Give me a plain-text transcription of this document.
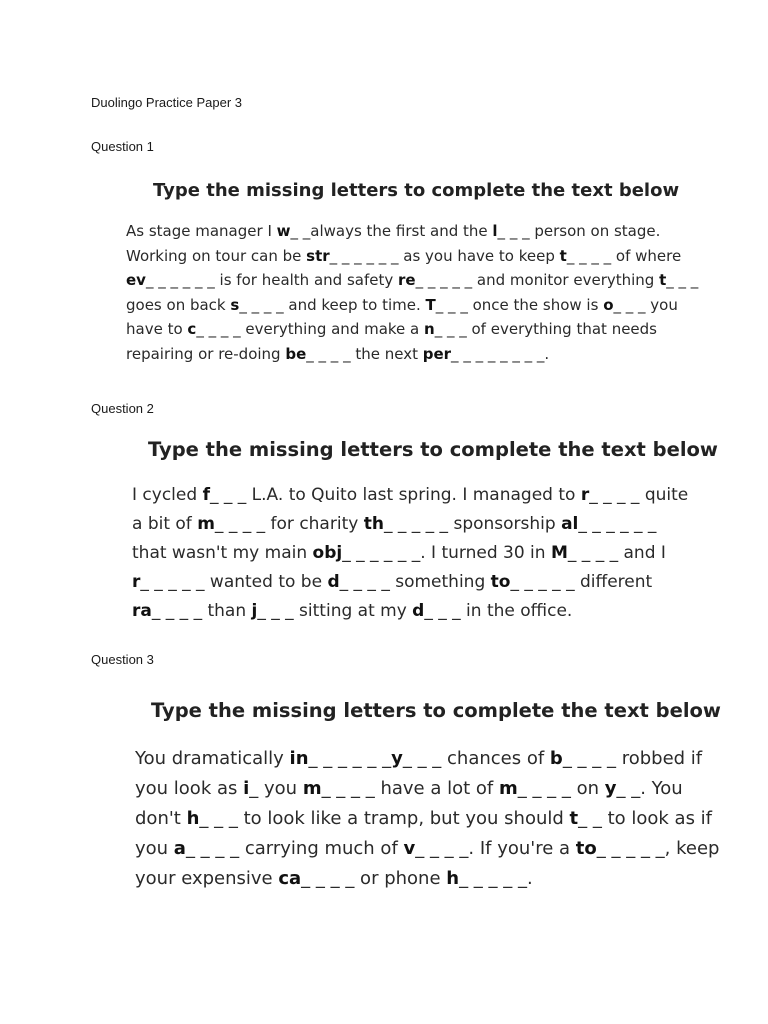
Duolingo Practice Paper 3
Question 1
Type the missing letters to complete the text below
As stage manager I w_ _always the first and the l_ _ _ person on stage.
Working on tour can be str_ _ _ _ _ _ as you have to keep t_ _ _ _ of where
ev_ _ _ _ _ _ is for health and safety re_ _ _ _ _ and monitor everything t_ _ _
goes on back s_ _ _ _ and keep to time. T_ _ _ once the show is o_ _ _ you
have to c_ _ _ _ everything and make a n_ _ _ of everything that needs
repairing or re-doing be_ _ _ _ the next per_ _ _ _ _ _ _ _.
Question 2
Type the missing letters to complete the text below
I cycled f_ _ _ L.A. to Quito last spring. I managed to r_ _ _ _ quite
a bit of m_ _ _ _ for charity th_ _ _ _ _ sponsorship al_ _ _ _ _ _
that wasn't my main obj_ _ _ _ _ _. I turned 30 in M_ _ _ _ and I
r_ _ _ _ _ wanted to be d_ _ _ _ something to_ _ _ _ _ different
ra_ _ _ _ than j_ _ _ sitting at my d_ _ _ in the office.
Question 3
Type the missing letters to complete the text below
You dramatically in_ _ _ _ _ _y_ _ _ chances of b_ _ _ _ robbed if
you look as i_ you m_ _ _ _ have a lot of m_ _ _ _ on y_ _. You
don't h_ _ _ to look like a tramp, but you should t_ _ to look as if
you a_ _ _ _ carrying much of v_ _ _ _. If you're a to_ _ _ _ _, keep
your expensive ca_ _ _ _ or phone h_ _ _ _ _.
